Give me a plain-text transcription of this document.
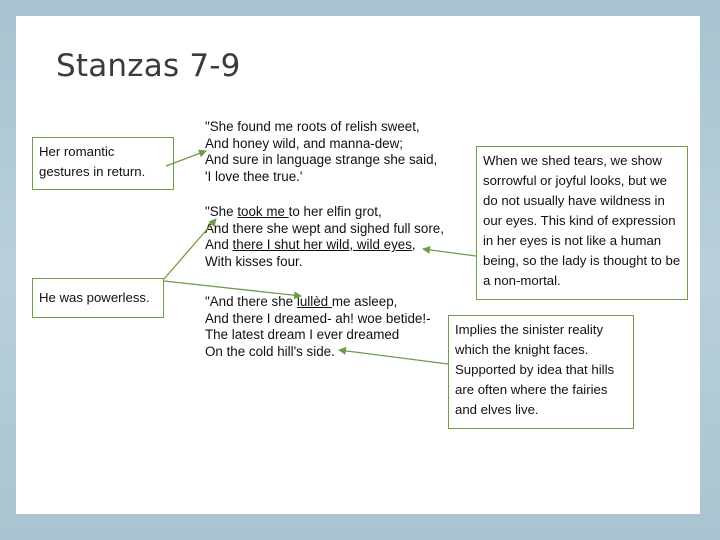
Stanzas 7-9
"She found me roots of relish sweet,
And honey wild, and manna-dew;
And sure in language strange she said,
'I love thee true.'
"She took me to her elfin grot,
And there she wept and sighed full sore,
And there I shut her wild, wild eyes,
With kisses four.
"And there she lullèd me asleep,
And there I dreamed- ah! woe betide!-
The latest dream I ever dreamed
On the cold hill's side.
Her romantic gestures in return.
He was powerless.
When we shed tears, we show sorrowful or joyful looks, but we do not usually have wildness in our eyes. This kind of expression in her eyes is not like a human being, so the lady is thought to be a non-mortal.
Implies the sinister reality which the knight faces. Supported by idea that hills are often where the fairies and elves live.
